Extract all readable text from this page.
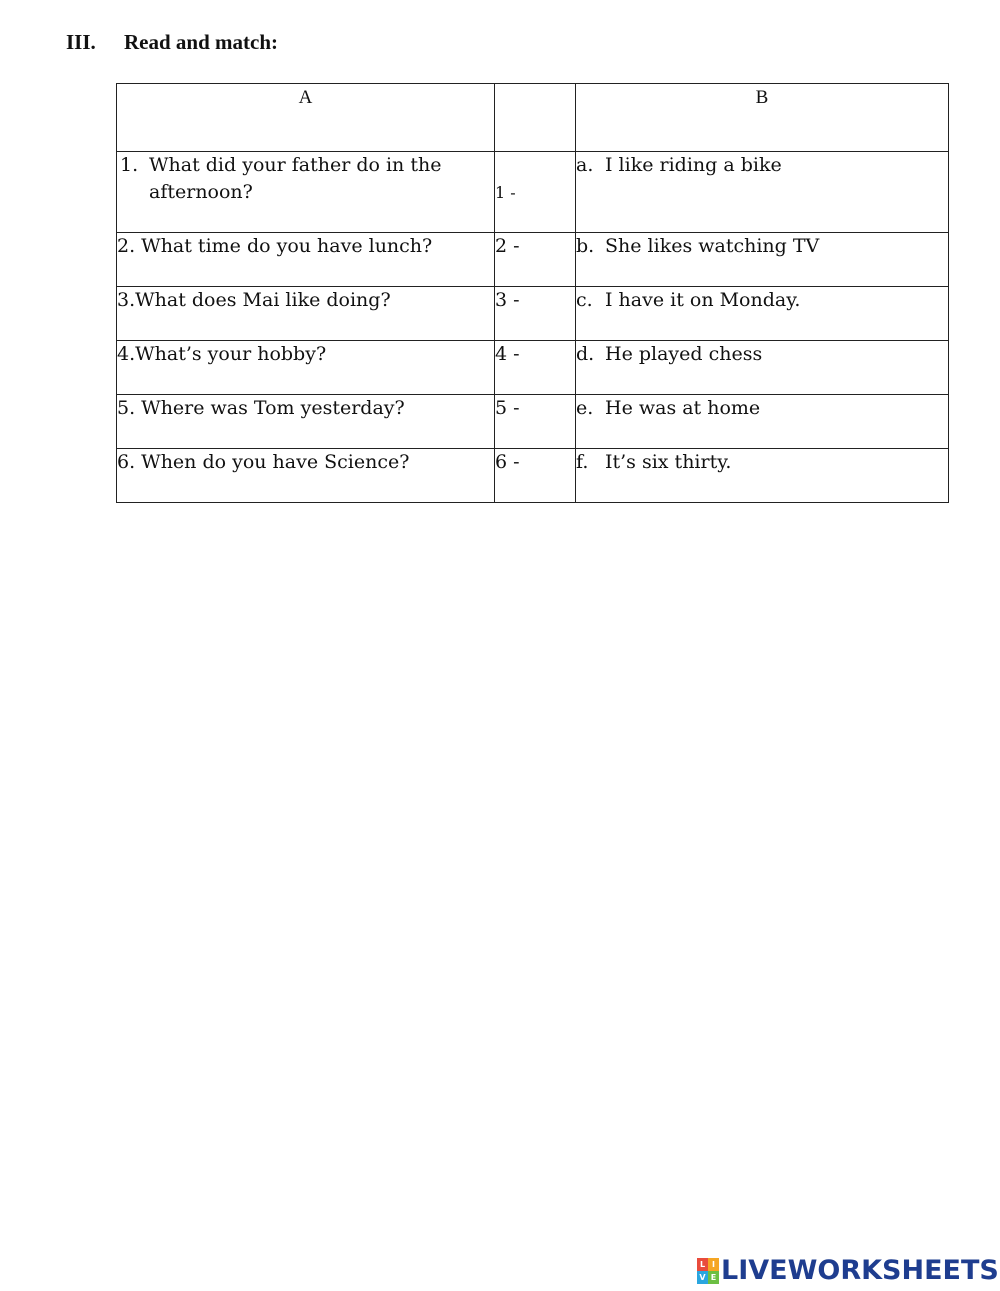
III.	Read and match:
A		B

1. What did your father do in the afternoon?	1 -	a. I like riding a bike

2. What time do you have lunch?	2 -	b. She likes watching TV

3.What does Mai like doing?	3 -	c. I have it on Monday.

4.What’s your hobby?	4 -	d. He played chess

5. Where was Tom yesterday?	5 -	e. He was at home

6. When do you have Science?	6 -	f. It’s six thirty.
L I
V E LIVEWORKSHEETS
